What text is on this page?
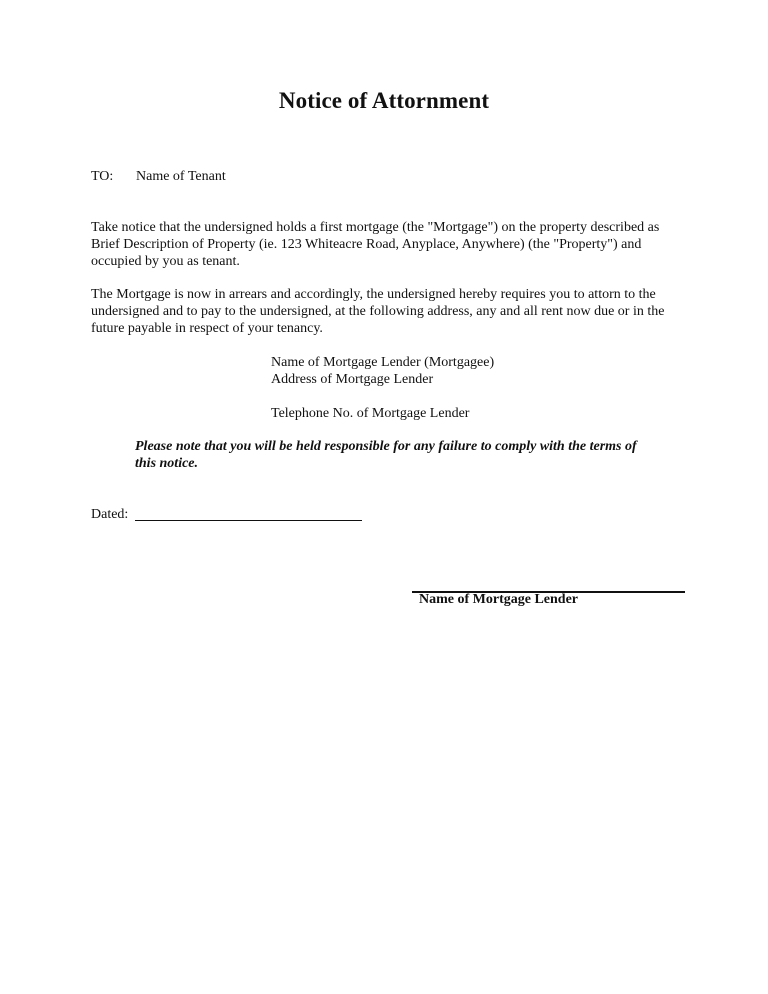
Notice of Attornment
TO: Name of Tenant

Take notice that the undersigned holds a first mortgage (the "Mortgage") on the property described as Brief Description of Property (ie. 123 Whiteacre Road, Anyplace, Anywhere) (the "Property") and occupied by you as tenant.

The Mortgage is now in arrears and accordingly, the undersigned hereby requires you to attorn to the undersigned and to pay to the undersigned, at the following address, any and all rent now due or in the future payable in respect of your tenancy.

Name of Mortgage Lender (Mortgagee)
Address of Mortgage Lender
Telephone No. of Mortgage Lender

Please note that you will be held responsible for any failure to comply with the terms of this notice.

Dated:
Name of Mortgage Lender
